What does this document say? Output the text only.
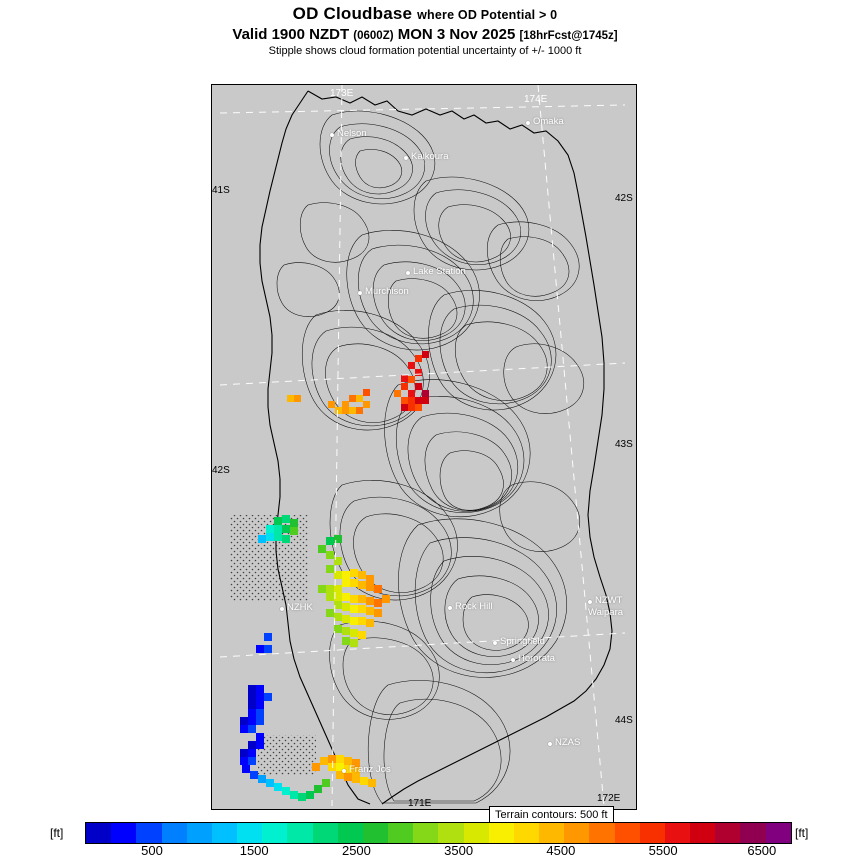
OD Cloudbase where OD Potential > 0
Valid 1900 NZDT (0600Z) MON 3 Nov 2025 [18hrFcst@1745z]
Stipple shows cloud formation potential uncertainty of +/- 1000 ft
173E
174E
41S
42S
42S
43S
44S
172E
171E
Omaka
Kaikoura
Nelson
Lake Station
Murchison
NZHK	Rock Hill
Springfield
Hororata
NZWT
Waipara
NZAS
Franz Jos
Terrain contours: 500 ft
[ft]	[ft]
500	1500	2500	3500	4500	5500	6500
